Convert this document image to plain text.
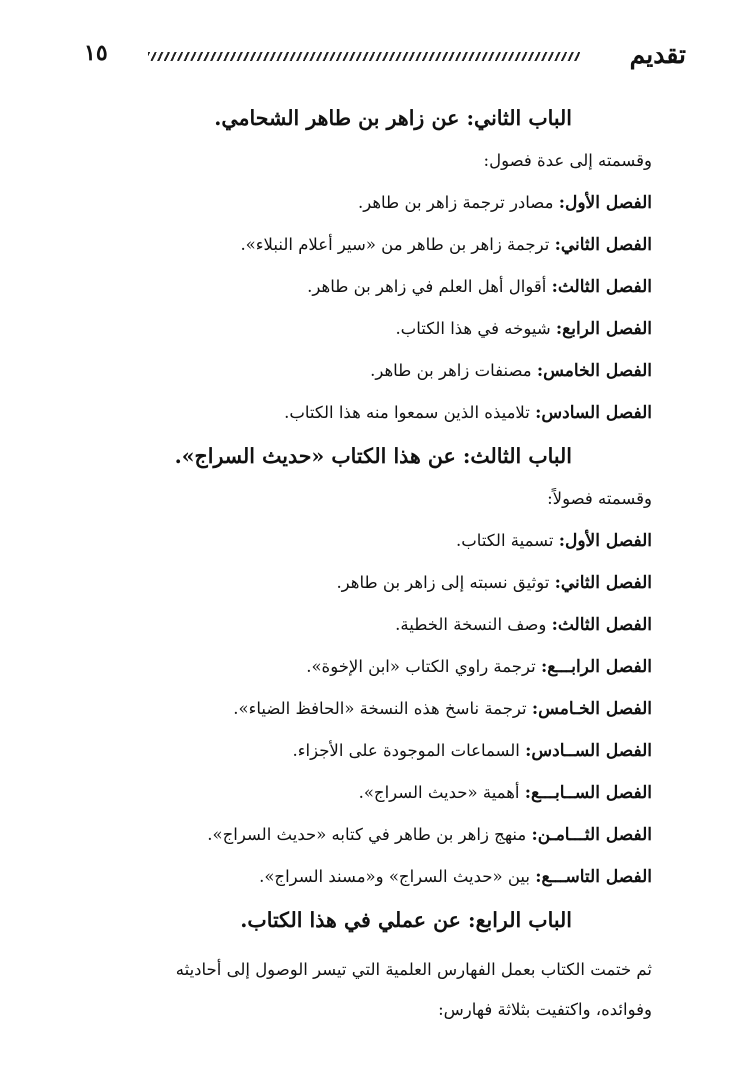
تقديم
١٥
الباب الثاني: عن زاهر بن طاهر الشحامي.
وقسمته إلى عدة فصول:
الفصل الأول: مصادر ترجمة زاهر بن طاهر.
الفصل الثاني: ترجمة زاهر بن طاهر من «سير أعلام النبلاء».
الفصل الثالث: أقوال أهل العلم في زاهر بن طاهر.
الفصل الرابع: شيوخه في هذا الكتاب.
الفصل الخامس: مصنفات زاهر بن طاهر.
الفصل السادس: تلاميذه الذين سمعوا منه هذا الكتاب.
الباب الثالث: عن هذا الكتاب «حديث السراج».
وقسمته فصولاً:
الفصل الأول: تسمية الكتاب.
الفصل الثاني: توثيق نسبته إلى زاهر بن طاهر.
الفصل الثالث: وصف النسخة الخطية.
الفصل الرابـــع: ترجمة راوي الكتاب «ابن الإخوة».
الفصل الخـامس: ترجمة ناسخ هذه النسخة «الحافظ الضياء».
الفصل الســادس: السماعات الموجودة على الأجزاء.
الفصل الســابـــع: أهمية «حديث السراج».
الفصل الثـــامـن: منهج زاهر بن طاهر في كتابه «حديث السراج».
الفصل التاســـع: بين «حديث السراج» و«مسند السراج».
الباب الرابع: عن عملي في هذا الكتاب.
ثم ختمت الكتاب بعمل الفهارس العلمية التي تيسر الوصول إلى أحاديثه
وفوائده، واكتفيت بثلاثة فهارس:
